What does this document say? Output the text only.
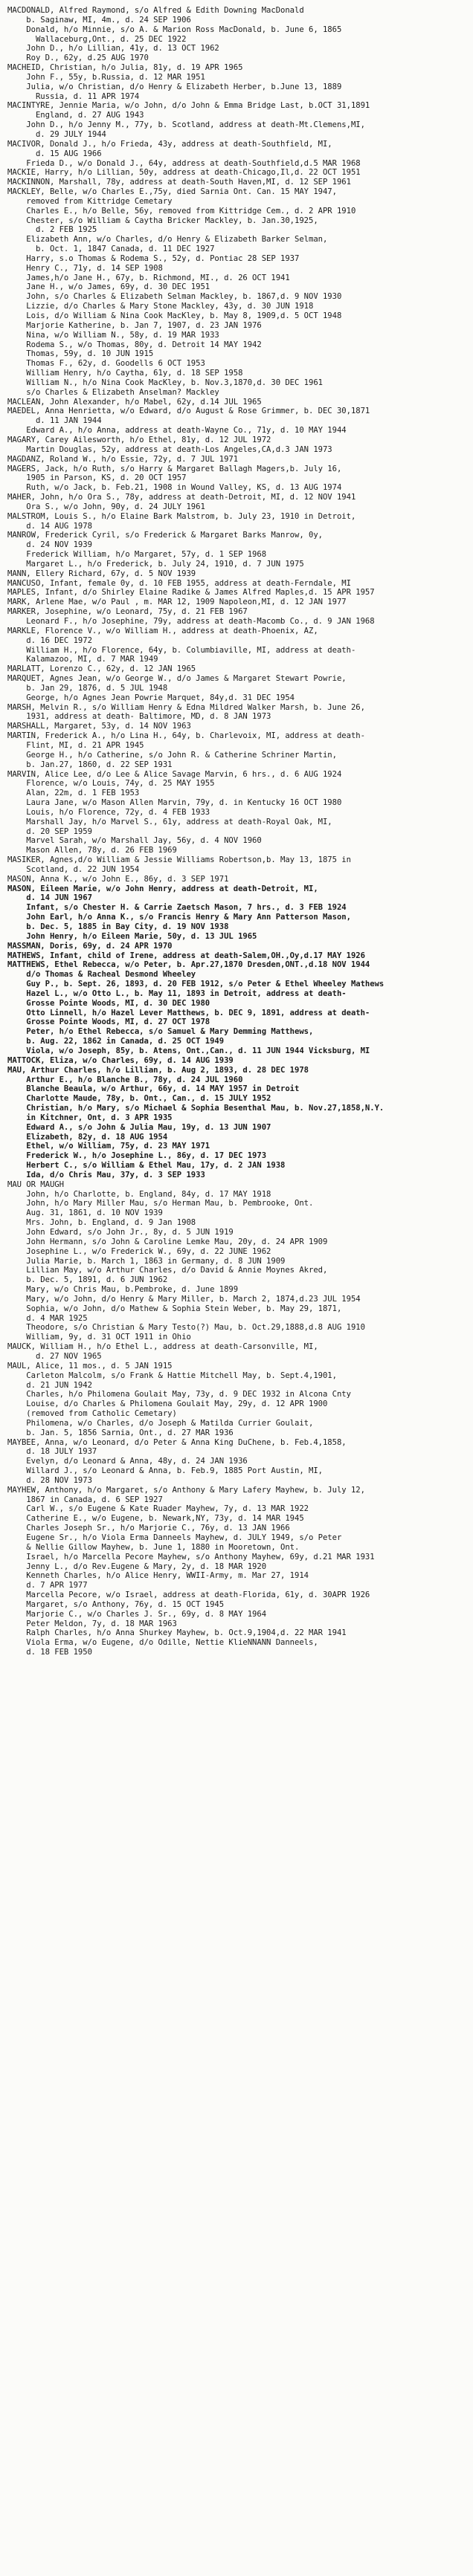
MACDONALD, Alfred Raymond, s/o Alfred & Edith Downing MacDonald
b. Saginaw, MI, 4m., d. 24 SEP 1906
Donald, h/o Minnie, s/o A. & Marion Ross MacDonald, b. June 6, 1865
Wallaceburg,Ont., d. 25 DEC 1922
John D., h/o Lillian, 41y, d. 13 OCT 1962
Roy D., 62y, d.25 AUG 1970
MACHEID, Christian, h/o Julia, 81y, d. 19 APR 1965
John F., 55y, b.Russia, d. 12 MAR 1951
Julia, w/o Christian, d/o Henry & Elizabeth Herber, b.June 13, 1889
Russia, d. 11 APR 1974
MACINTYRE, Jennie Maria, w/o John, d/o John & Emma Bridge Last, b.OCT 31,1891
England, d. 27 AUG 1943
John D., h/o Jenny M., 77y, b. Scotland, address at death-Mt.Clemens,MI,
d. 29 JULY 1944
MACIVOR, Donald J., h/o Frieda, 43y, address at death-Southfield, MI,
d. 15 AUG 1966
Frieda D., w/o Donald J., 64y, address at death-Southfield,d.5 MAR 1968
MACKIE, Harry, h/o Lillian, 50y, address at death-Chicago,Il,d. 22 OCT 1951
MACKINNON, Marshall, 78y, address at death-South Haven,MI, d. 12 SEP 1961
MACKLEY, Belle, w/o Charles E.,75y, died Sarnia Ont. Can. 15 MAY 1947,
removed from Kittridge Cemetary
Charles E., h/o Belle, 56y, removed from Kittridge Cem., d. 2 APR 1910
Chester, s/o William & Caytha Bricker Mackley, b. Jan.30,1925,
d. 2 FEB 1925
Elizabeth Ann, w/o Charles, d/o Henry & Elizabeth Barker Selman,
b. Oct. 1, 1847 Canada, d. 11 DEC 1927
Harry, s.o Thomas & Rodema S., 52y, d. Pontiac 28 SEP 1937
Henry C., 71y, d. 14 SEP 1908
James,h/o Jane H., 67y, b. Richmond, MI., d. 26 OCT 1941
Jane H., w/o James, 69y, d. 30 DEC 1951
John, s/o Charles & Elizabeth Selman Mackley, b. 1867,d. 9 NOV 1930
Lizzie, d/o Charles & Mary Stone Mackley, 43y, d. 30 JUN 1918
Lois, d/o William & Nina Cook MacKley, b. May 8, 1909,d. 5 OCT 1948
Marjorie Katherine, b. Jan 7, 1907, d. 23 JAN 1976
Nina, w/o William N., 58y, d. 19 MAR 1933
Rodema S., w/o Thomas, 80y, d. Detroit 14 MAY 1942
Thomas, 59y, d. 10 JUN 1915
Thomas F., 62y, d. Goodells 6 OCT 1953
William Henry, h/o Caytha, 61y, d. 18 SEP 1958
William N., h/o Nina Cook MacKley, b. Nov.3,1870,d. 30 DEC 1961
s/o Charles & Elizabeth Anselman? Mackley
MACLEAN, John Alexander, h/o Mabel, 62y, d.14 JUL 1965
MAEDEL, Anna Henrietta, w/o Edward, d/o August & Rose Grimmer, b. DEC 30,1871
d. 11 JAN 1944
Edward A., h/o Anna, address at death-Wayne Co., 71y, d. 10 MAY 1944
MAGARY, Carey Ailesworth, h/o Ethel, 81y, d. 12 JUL 1972
Martin Douglas, 52y, address at death-Los Angeles,CA,d.3 JAN 1973
MAGDANZ, Roland W., h/o Essie, 72y, d. 7 JUL 1971
MAGERS, Jack, h/o Ruth, s/o Harry & Margaret Ballagh Magers,b. July 16,
1905 in Parson, KS, d. 20 OCT 1957
Ruth, w/o Jack, b. Feb.21, 1908 in Wound Valley, KS, d. 13 AUG 1974
MAHER, John, h/o Ora S., 78y, address at death-Detroit, MI, d. 12 NOV 1941
Ora S., w/o John, 90y, d. 24 JULY 1961
MALSTROM, Louis S., h/o Elaine Bark Malstrom, b. July 23, 1910 in Detroit,
d. 14 AUG 1978
MANROW, Frederick Cyril, s/o Frederick & Margaret Barks Manrow, 0y,
d. 24 NOV 1939
Frederick William, h/o Margaret, 57y, d. 1 SEP 1968
Margaret L., h/o Frederick, b. July 24, 1910, d. 7 JUN 1975
MANN, Ellery Richard, 67y, d. 5 NOV 1939
MANCUSO, Infant, female 0y, d. 10 FEB 1955, address at death-Ferndale, MI
MAPLES, Infant, d/o Shirley Elaine Radike & James Alfred Maples,d. 15 APR 1957
MARK, Arlene Mae, w/o Paul , m. MAR 12, 1909 Napoleon,MI, d. 12 JAN 1977
MARKER, Josephine, w/o Leonard, 75y, d. 21 FEB 1967
Leonard F., h/o Josephine, 79y, address at death-Macomb Co., d. 9 JAN 1968
MARKLE, Florence V., w/o William H., address at death-Phoenix, AZ,
d. 16 DEC 1972
William H., h/o Florence, 64y, b. Columbiaville, MI, address at death-
Kalamazoo, MI, d. 7 MAR 1949
MARLATT, Lorenzo C., 62y, d. 12 JAN 1965
MARQUET, Agnes Jean, w/o George W., d/o James & Margaret Stewart Powrie,
b. Jan 29, 1876, d. 5 JUL 1948
George, h/o Agnes Jean Powrie Marquet, 84y,d. 31 DEC 1954
MARSH, Melvin R., s/o William Henry & Edna Mildred Walker Marsh, b. June 26,
1931, address at death- Baltimore, MD, d. 8 JAN 1973
MARSHALL, Margaret, 53y, d. 14 NOV 1963
MARTIN, Frederick A., h/o Lina H., 64y, b. Charlevoix, MI, address at death-
Flint, MI, d. 21 APR 1945
George H., h/o Catherine, s/o John R. & Catherine Schriner Martin,
b. Jan.27, 1860, d. 22 SEP 1931
MARVIN, Alice Lee, d/o Lee & Alice Savage Marvin, 6 hrs., d. 6 AUG 1924
Florence, w/o Louis, 74y, d. 25 MAY 1955
Alan, 22m, d. 1 FEB 1953
Laura Jane, w/o Mason Allen Marvin, 79y, d. in Kentucky 16 OCT 1980
Louis, h/o Florence, 72y, d. 4 FEB 1933
Marshall Jay, h/o Marvel S., 61y, address at death-Royal Oak, MI,
d. 20 SEP 1959
Marvel Sarah, w/o Marshall Jay, 56y, d. 4 NOV 1960
Mason Allen, 78y, d. 26 FEB 1969
MASIKER, Agnes,d/o William & Jessie Williams Robertson,b. May 13, 1875 in
Scotland, d. 22 JUN 1954
MASON, Anna K., w/o John E., 86y, d. 3 SEP 1971
MASON, Eileen Marie, w/o John Henry, address at death-Detroit, MI,
d. 14 JUN 1967
Infant, s/o Chester H. & Carrie Zaetsch Mason, 7 hrs., d. 3 FEB 1924
John Earl, h/o Anna K., s/o Francis Henry & Mary Ann Patterson Mason,
b. Dec. 5, 1885 in Bay City, d. 19 NOV 1938
John Henry, h/o Eileen Marie, 50y, d. 13 JUL 1965
MASSMAN, Doris, 69y, d. 24 APR 1970
MATHEWS, Infant, child of Irene, address at death-Salem,OH.,Oy,d.17 MAY 1926
MATTHEWS, Ethel Rebecca, w/o Peter, b. Apr.27,1870 Dresden,ONT.,d.18 NOV 1944
d/o Thomas & Racheal Desmond Wheeley
Guy P., b. Sept. 26, 1893, d. 20 FEB 1912, s/o Peter & Ethel Wheeley Mathews
Hazel L., w/o Otto L., b. May 11, 1893 in Detroit, address at death-
Grosse Pointe Woods, MI, d. 30 DEC 1980
Otto Linnell, h/o Hazel Lever Matthews, b. DEC 9, 1891, address at death-
Grosse Pointe Woods, MI, d. 27 OCT 1978
Peter, h/o Ethel Rebecca, s/o Samuel & Mary Demming Matthews,
b. Aug. 22, 1862 in Canada, d. 25 OCT 1949
Viola, w/o Joseph, 85y, b. Atens, Ont.,Can., d. 11 JUN 1944 Vicksburg, MI
MATTOCK, Eliza, w/o Charles, 69y, d. 14 AUG 1939
MAU, Arthur Charles, h/o Lillian, b. Aug 2, 1893, d. 28 DEC 1978
Arthur E., h/o Blanche B., 78y, d. 24 JUL 1960
Blanche Beaula, w/o Arthur, 66y, d. 14 MAY 1957 in Detroit
Charlotte Maude, 78y, b. Ont., Can., d. 15 JULY 1952
Christian, h/o Mary, s/o Michael & Sophia Besenthal Mau, b. Nov.27,1858,N.Y.
in Kitchner, Ont, d. 3 APR 1935
Edward A., s/o John & Julia Mau, 19y, d. 13 JUN 1907
Elizabeth, 82y, d. 18 AUG 1954
Ethel, w/o William, 75y, d. 23 MAY 1971
Frederick W., h/o Josephine L., 86y, d. 17 DEC 1973
Herbert C., s/o William & Ethel Mau, 17y, d. 2 JAN 1938
Ida, d/o Chris Mau, 37y, d. 3 SEP 1933
MAU OR MAUGH
John, h/o Charlotte, b. England, 84y, d. 17 MAY 1918
John, h/o Mary Miller Mau, s/o Herman Mau, b. Pembrooke, Ont.
Aug. 31, 1861, d. 10 NOV 1939
Mrs. John, b. England, d. 9 Jan 1908
John Edward, s/o John Jr., 8y, d. 5 JUN 1919
John Hermann, s/o John & Caroline Lemke Mau, 20y, d. 24 APR 1909
Josephine L., w/o Frederick W., 69y, d. 22 JUNE 1962
Julia Marie, b. March 1, 1863 in Germany, d. 8 JUN 1909
Lillian May, w/o Arthur Charles, d/o David & Annie Moynes Akred,
b. Dec. 5, 1891, d. 6 JUN 1962
Mary, w/o Chris Mau, b.Pembroke, d. June 1899
Mary, w/o John, d/o Henry & Mary Miller, b. March 2, 1874,d.23 JUL 1954
Sophia, w/o John, d/o Mathew & Sophia Stein Weber, b. May 29, 1871,
d. 4 MAR 1925
Theodore, s/o Christian & Mary Testo(?) Mau, b. Oct.29,1888,d.8 AUG 1910
William, 9y, d. 31 OCT 1911 in Ohio
MAUCK, William H., h/o Ethel L., address at death-Carsonville, MI,
d. 27 NOV 1965
MAUL, Alice, 11 mos., d. 5 JAN 1915
Carleton Malcolm, s/o Frank & Hattie Mitchell May, b. Sept.4,1901,
d. 21 JUN 1942
Charles, h/o Philomena Goulait May, 73y, d. 9 DEC 1932 in Alcona Cnty
Louise, d/o Charles & Philomena Goulait May, 29y, d. 12 APR 1900
(removed from Catholic Cemetary)
Philomena, w/o Charles, d/o Joseph & Matilda Currier Goulait,
b. Jan. 5, 1856 Sarnia, Ont., d. 27 MAR 1936
MAYBEE, Anna, w/o Leonard, d/o Peter & Anna King DuChene, b. Feb.4,1858,
d. 18 JULY 1937
Evelyn, d/o Leonard & Anna, 48y, d. 24 JAN 1936
Willard J., s/o Leonard & Anna, b. Feb.9, 1885 Port Austin, MI,
d. 28 NOV 1973
MAYHEW, Anthony, h/o Margaret, s/o Anthony & Mary Lafery Mayhew, b. July 12,
1867 in Canada, d. 6 SEP 1927
Carl W., s/o Eugene & Kate Ruader Mayhew, 7y, d. 13 MAR 1922
Catherine E., w/o Eugene, b. Newark,NY, 73y, d. 14 MAR 1945
Charles Joseph Sr., h/o Marjorie C., 76y, d. 13 JAN 1966
Eugene Sr., h/o Viola Erma Danneels Mayhew, d. JULY 1949, s/o Peter
& Nellie Gillow Mayhew, b. June 1, 1880 in Mooretown, Ont.
Israel, h/o Marcella Pecore Mayhew, s/o Anthony Mayhew, 69y, d.21 MAR 1931
Jenny L., d/o Rev.Eugene & Mary, 2y, d. 18 MAR 1920
Kenneth Charles, h/o Alice Henry, WWII-Army, m. Mar 27, 1914
d. 7 APR 1977
Marcella Pecore, w/o Israel, address at death-Florida, 61y, d. 30APR 1926
Margaret, s/o Anthony, 76y, d. 15 OCT 1945
Marjorie C., w/o Charles J. Sr., 69y, d. 8 MAY 1964
Peter Meldon, 7y, d. 18 MAR 1963
Ralph Charles, h/o Anna Shurkey Mayhew, b. Oct.9,1904,d. 22 MAR 1941
Viola Erma, w/o Eugene, d/o Odille, Nettie KlieNNANN Danneels,
d. 18 FEB 1950
